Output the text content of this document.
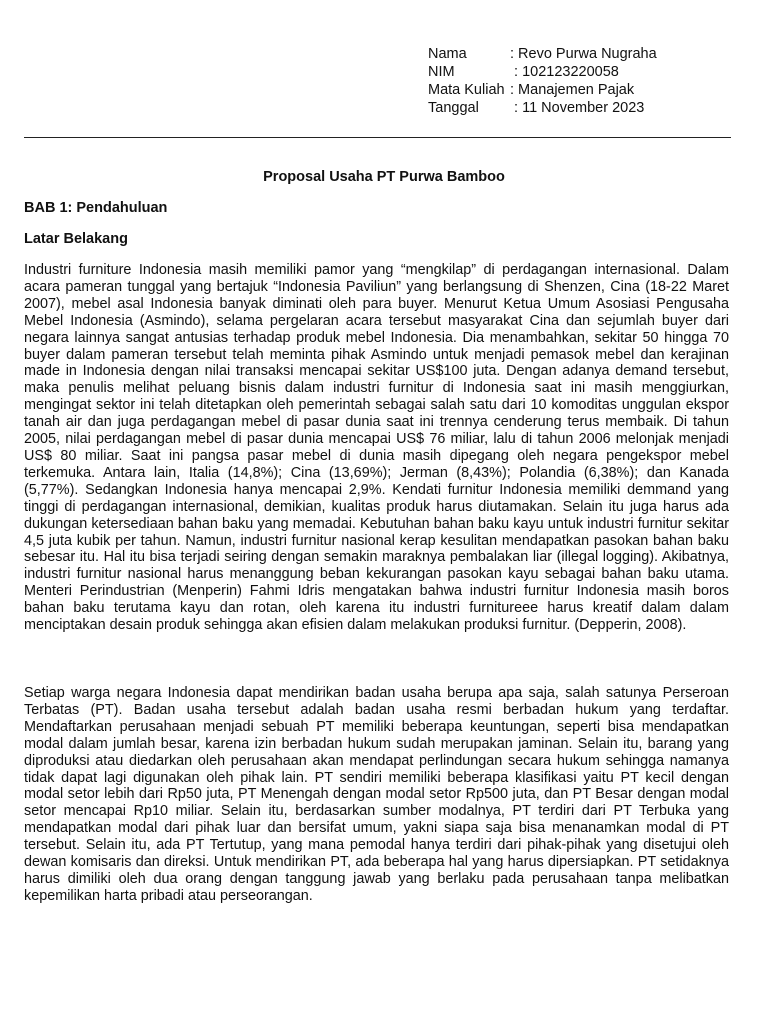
Nama	: Revo Purwa Nugraha
NIM	: 102123220058
Mata Kuliah : Manajemen Pajak
Tanggal	: 11 November 2023
Proposal Usaha PT Purwa Bamboo
BAB 1: Pendahuluan
Latar Belakang

Industri furniture Indonesia masih memiliki pamor yang “mengkilap” di perdagangan internasional. Dalam acara pameran tunggal yang bertajuk “Indonesia Paviliun” yang berlangsung di Shenzen, Cina (18-22 Maret 2007), mebel asal Indonesia banyak diminati oleh para buyer. Menurut Ketua Umum Asosiasi Pengusaha Mebel Indonesia (Asmindo), selama pergelaran acara tersebut masyarakat Cina dan sejumlah buyer dari negara lainnya sangat antusias terhadap produk mebel Indonesia. Dia menambahkan, sekitar 50 hingga 70 buyer dalam pameran tersebut telah meminta pihak Asmindo untuk menjadi pemasok mebel dan kerajinan made in Indonesia dengan nilai transaksi mencapai sekitar US$100 juta. Dengan adanya demand tersebut, maka penulis melihat peluang bisnis dalam industri furnitur di Indonesia saat ini masih menggiurkan, mengingat sektor ini telah ditetapkan oleh pemerintah sebagai salah satu dari 10 komoditas unggulan ekspor tanah air dan juga perdagangan mebel di pasar dunia saat ini trennya cenderung terus membaik. Di tahun 2005, nilai perdagangan mebel di pasar dunia mencapai US$ 76 miliar, lalu di tahun 2006 melonjak menjadi US$ 80 miliar. Saat ini pangsa pasar mebel di dunia masih dipegang oleh negara pengekspor mebel terkemuka. Antara lain, Italia (14,8%); Cina (13,69%); Jerman (8,43%); Polandia (6,38%); dan Kanada (5,77%). Sedangkan Indonesia hanya mencapai 2,9%. Kendati furnitur Indonesia memiliki demmand yang tinggi di perdagangan internasional, demikian, kualitas produk harus diutamakan. Selain itu juga harus ada dukungan ketersediaan bahan baku yang memadai. Kebutuhan bahan baku kayu untuk industri furnitur sekitar 4,5 juta kubik per tahun. Namun, industri furnitur nasional kerap kesulitan mendapatkan pasokan bahan baku sebesar itu. Hal itu bisa terjadi seiring dengan semakin maraknya pembalakan liar (illegal logging). Akibatnya, industri furnitur nasional harus menanggung beban kekurangan pasokan kayu sebagai bahan baku utama. Menteri Perindustrian (Menperin) Fahmi Idris mengatakan bahwa industri furnitur Indonesia masih boros bahan baku terutama kayu dan rotan, oleh karena itu industri furnitureee harus kreatif dalam dalam menciptakan desain produk sehingga akan efisien dalam melakukan produksi furnitur. (Depperin, 2008).

Setiap warga negara Indonesia dapat mendirikan badan usaha berupa apa saja, salah satunya Perseroan Terbatas (PT). Badan usaha tersebut adalah badan usaha resmi berbadan hukum yang terdaftar. Mendaftarkan perusahaan menjadi sebuah PT memiliki beberapa keuntungan, seperti bisa mendapatkan modal dalam jumlah besar, karena izin berbadan hukum sudah merupakan jaminan. Selain itu, barang yang diproduksi atau diedarkan oleh perusahaan akan mendapat perlindungan secara hukum sehingga namanya tidak dapat lagi digunakan oleh pihak lain. PT sendiri memiliki beberapa klasifikasi yaitu PT kecil dengan modal setor lebih dari Rp50 juta, PT Menengah dengan modal setor Rp500 juta, dan PT Besar dengan modal setor mencapai Rp10 miliar. Selain itu, berdasarkan sumber modalnya, PT terdiri dari PT Terbuka yang mendapatkan modal dari pihak luar dan bersifat umum, yakni siapa saja bisa menanamkan modal di PT tersebut. Selain itu, ada PT Tertutup, yang mana pemodal hanya terdiri dari pihak-pihak yang disetujui oleh dewan komisaris dan direksi. Untuk mendirikan PT, ada beberapa hal yang harus dipersiapkan. PT setidaknya harus dimiliki oleh dua orang dengan tanggung jawab yang berlaku pada perusahaan tanpa melibatkan kepemilikan harta pribadi atau perseorangan.
